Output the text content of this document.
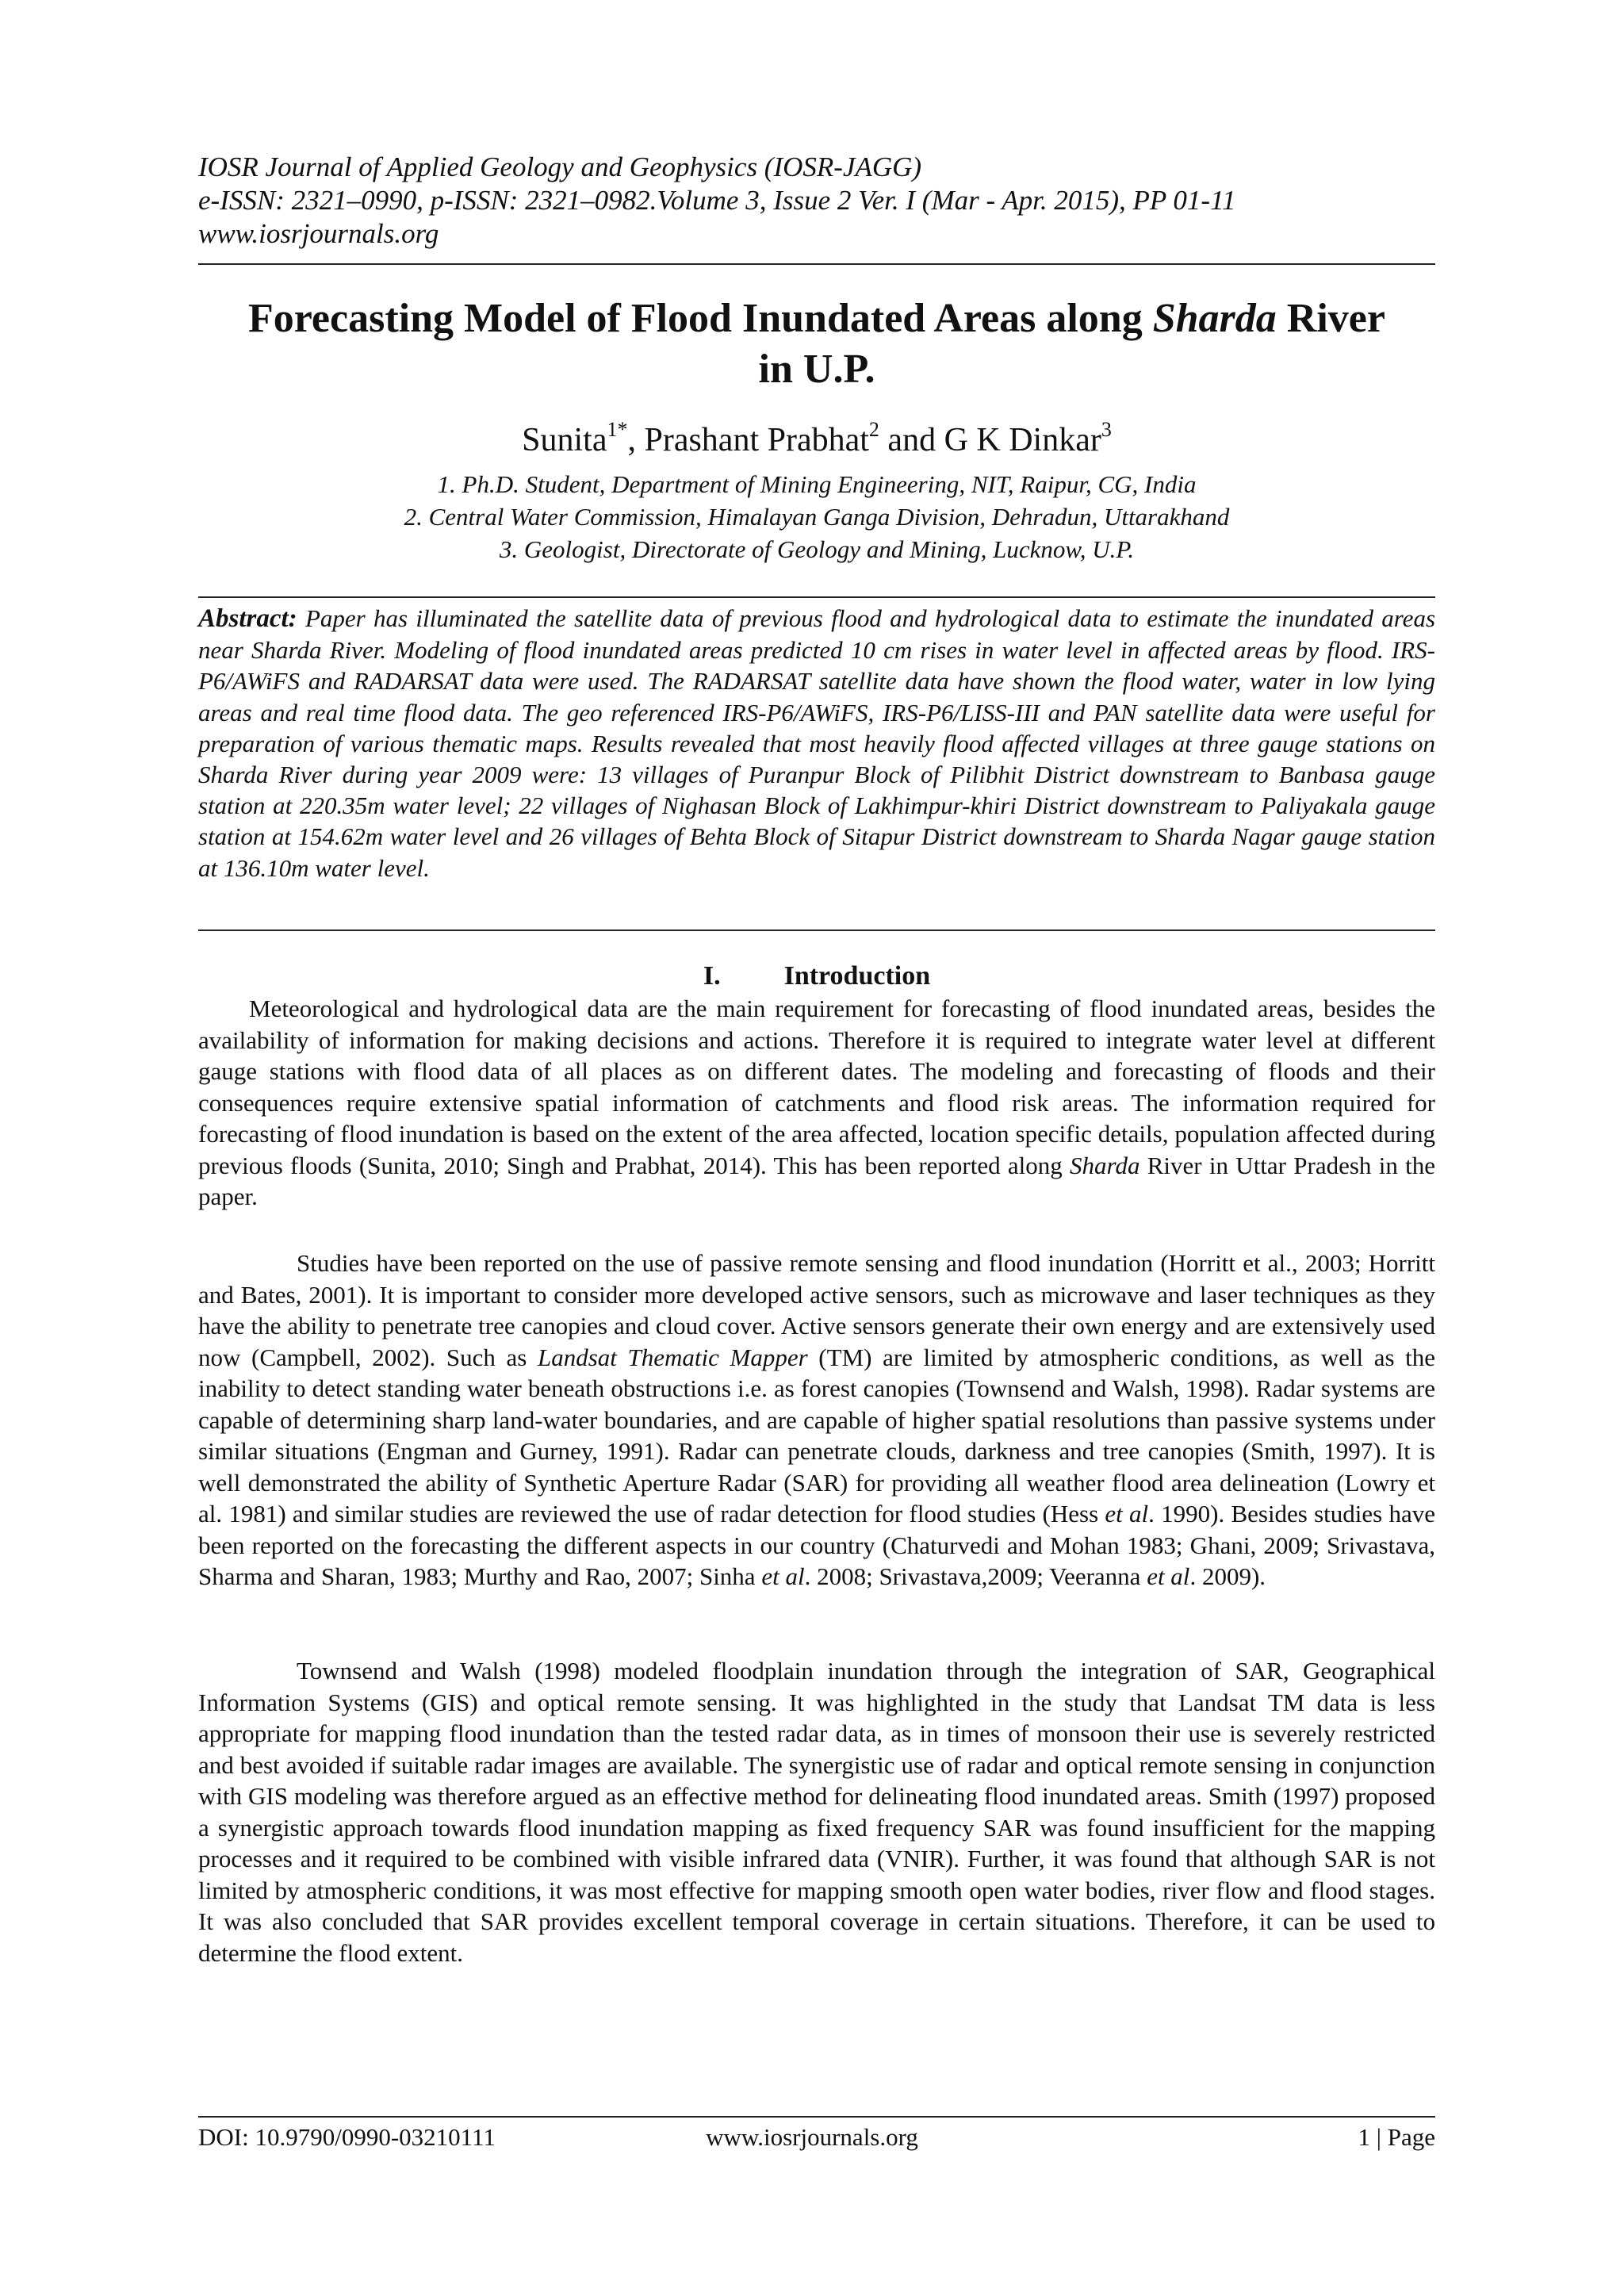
IOSR Journal of Applied Geology and Geophysics (IOSR-JAGG)
e-ISSN: 2321–0990, p-ISSN: 2321–0982.Volume 3, Issue 2 Ver. I (Mar - Apr. 2015), PP 01-11
www.iosrjournals.org
Forecasting Model of Flood Inundated Areas along Sharda River
in U.P.
Sunita$^{1*}$, Prashant Prabhat$^2$ and G K Dinkar$^3$
1. Ph.D. Student, Department of Mining Engineering, NIT, Raipur, CG, India
2. Central Water Commission, Himalayan Ganga Division, Dehradun, Uttarakhand
3. Geologist, Directorate of Geology and Mining, Lucknow, U.P.
Abstract: Paper has illuminated the satellite data of previous flood and hydrological data to estimate the inundated areas near Sharda River. Modeling of flood inundated areas predicted 10 cm rises in water level in affected areas by flood. IRS-P6/AWiFS and RADARSAT data were used. The RADARSAT satellite data have shown the flood water, water in low lying areas and real time flood data. The geo referenced IRS-P6/AWiFS, IRS-P6/LISS-III and PAN satellite data were useful for preparation of various thematic maps. Results revealed that most heavily flood affected villages at three gauge stations on Sharda River during year 2009 were: 13 villages of Puranpur Block of Pilibhit District downstream to Banbasa gauge station at 220.35m water level; 22 villages of Nighasan Block of Lakhimpur-khiri District downstream to Paliyakala gauge station at 154.62m water level and 26 villages of Behta Block of Sitapur District downstream to Sharda Nagar gauge station at 136.10m water level.
I. Introduction
Meteorological and hydrological data are the main requirement for forecasting of flood inundated areas, besides the availability of information for making decisions and actions. Therefore it is required to integrate water level at different gauge stations with flood data of all places as on different dates. The modeling and forecasting of floods and their consequences require extensive spatial information of catchments and flood risk areas. The information required for forecasting of flood inundation is based on the extent of the area affected, location specific details, population affected during previous floods (Sunita, 2010; Singh and Prabhat, 2014). This has been reported along Sharda River in Uttar Pradesh in the paper.
Studies have been reported on the use of passive remote sensing and flood inundation (Horritt et al., 2003; Horritt and Bates, 2001). It is important to consider more developed active sensors, such as microwave and laser techniques as they have the ability to penetrate tree canopies and cloud cover. Active sensors generate their own energy and are extensively used now (Campbell, 2002). Such as Landsat Thematic Mapper (TM) are limited by atmospheric conditions, as well as the inability to detect standing water beneath obstructions i.e. as forest canopies (Townsend and Walsh, 1998). Radar systems are capable of determining sharp land-water boundaries, and are capable of higher spatial resolutions than passive systems under similar situations (Engman and Gurney, 1991). Radar can penetrate clouds, darkness and tree canopies (Smith, 1997). It is well demonstrated the ability of Synthetic Aperture Radar (SAR) for providing all weather flood area delineation (Lowry et al. 1981) and similar studies are reviewed the use of radar detection for flood studies (Hess et al. 1990). Besides studies have been reported on the forecasting the different aspects in our country (Chaturvedi and Mohan 1983; Ghani, 2009; Srivastava, Sharma and Sharan, 1983; Murthy and Rao, 2007; Sinha et al. 2008; Srivastava,2009; Veeranna et al. 2009).
Townsend and Walsh (1998) modeled floodplain inundation through the integration of SAR, Geographical Information Systems (GIS) and optical remote sensing. It was highlighted in the study that Landsat TM data is less appropriate for mapping flood inundation than the tested radar data, as in times of monsoon their use is severely restricted and best avoided if suitable radar images are available. The synergistic use of radar and optical remote sensing in conjunction with GIS modeling was therefore argued as an effective method for delineating flood inundated areas. Smith (1997) proposed a synergistic approach towards flood inundation mapping as fixed frequency SAR was found insufficient for the mapping processes and it required to be combined with visible infrared data (VNIR). Further, it was found that although SAR is not limited by atmospheric conditions, it was most effective for mapping smooth open water bodies, river flow and flood stages. It was also concluded that SAR provides excellent temporal coverage in certain situations. Therefore, it can be used to determine the flood extent.
www.iosrjournals.org
DOI: 10.9790/0990-03210111	1 | Page
